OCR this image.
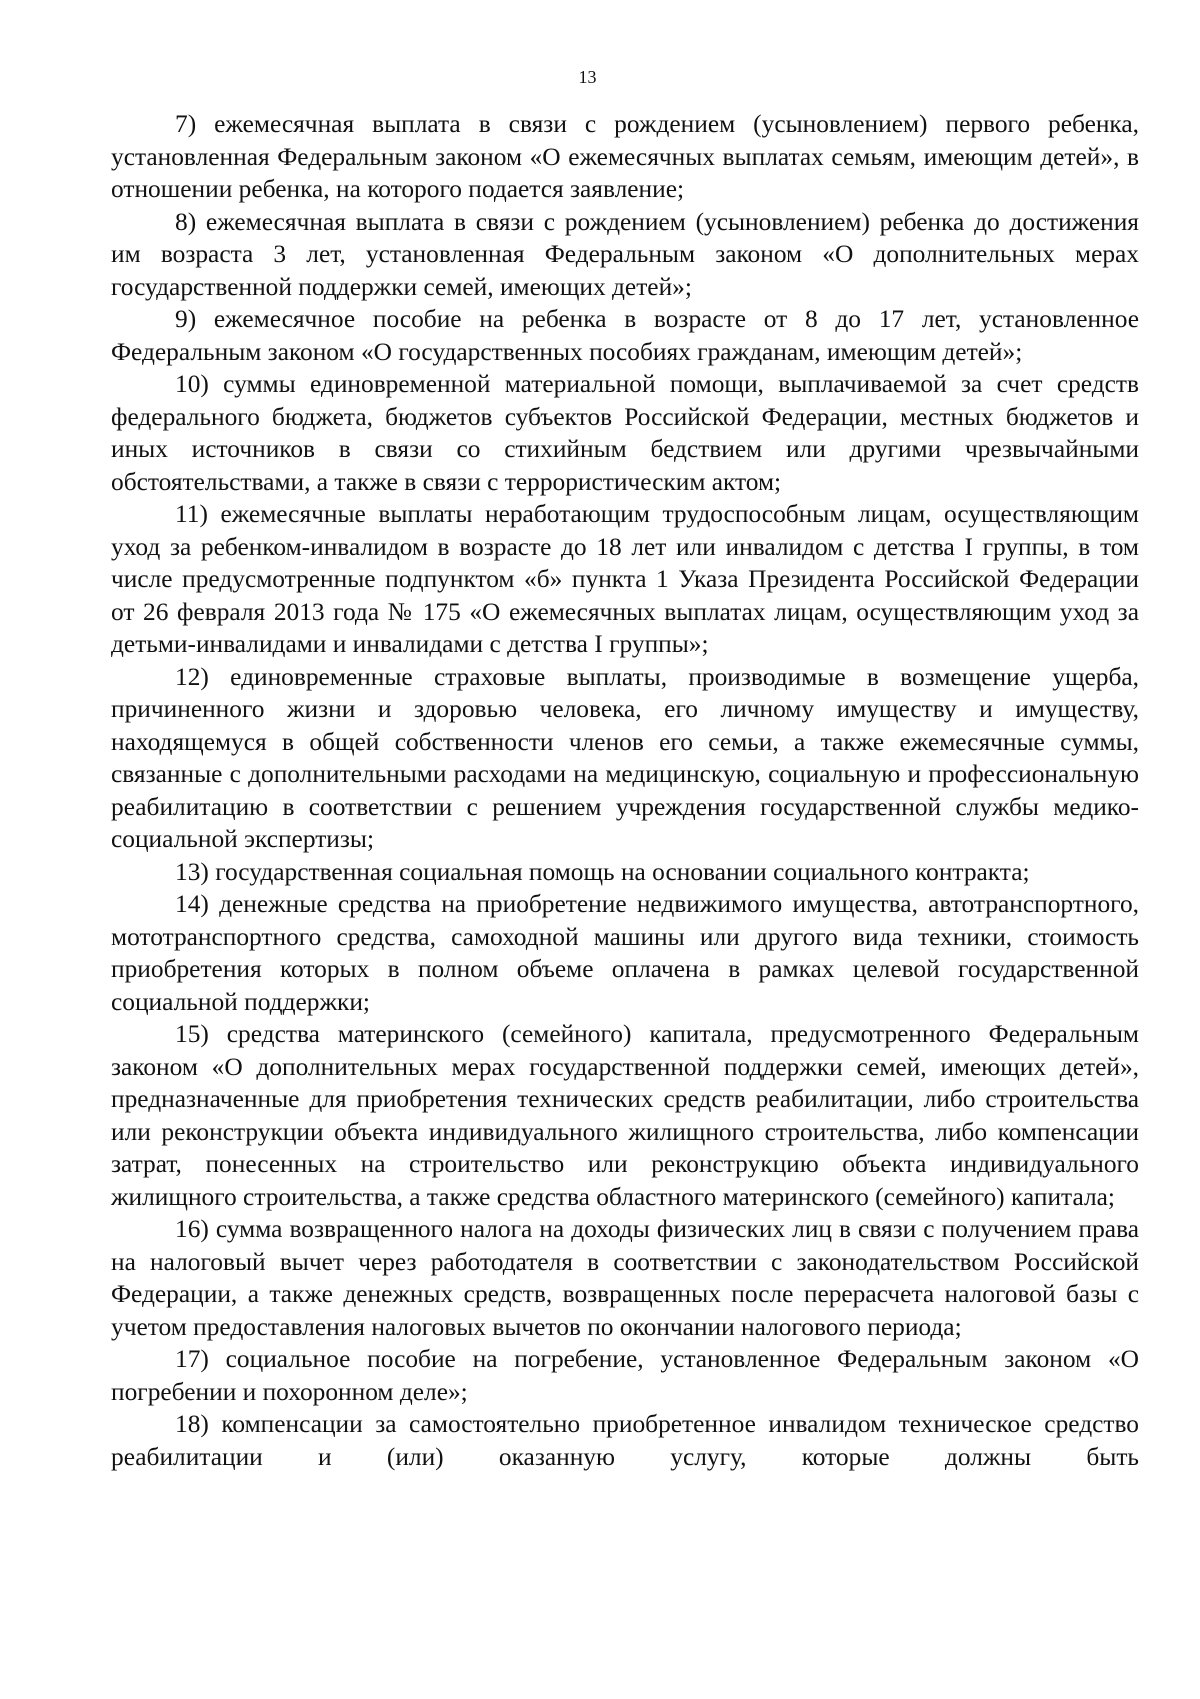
13

7) ежемесячная выплата в связи с рождением (усыновлением) первого ребенка, установленная Федеральным законом «О ежемесячных выплатах семьям, имеющим детей», в отношении ребенка, на которого подается заявление;

8) ежемесячная выплата в связи с рождением (усыновлением) ребенка до достижения им возраста 3 лет, установленная Федеральным законом «О дополнительных мерах государственной поддержки семей, имеющих детей»;

9) ежемесячное пособие на ребенка в возрасте от 8 до 17 лет, установленное Федеральным законом «О государственных пособиях гражданам, имеющим детей»;

10) суммы единовременной материальной помощи, выплачиваемой за счет средств федерального бюджета, бюджетов субъектов Российской Федерации, местных бюджетов и иных источников в связи со стихийным бедствием или другими чрезвычайными обстоятельствами, а также в связи с террористическим актом;

11) ежемесячные выплаты неработающим трудоспособным лицам, осуществляющим уход за ребенком-инвалидом в возрасте до 18 лет или инвалидом с детства I группы, в том числе предусмотренные подпунктом «б» пункта 1 Указа Президента Российской Федерации от 26 февраля 2013 года № 175 «О ежемесячных выплатах лицам, осуществляющим уход за детьми-инвалидами и инвалидами с детства I группы»;

12) единовременные страховые выплаты, производимые в возмещение ущерба, причиненного жизни и здоровью человека, его личному имуществу и имуществу, находящемуся в общей собственности членов его семьи, а также ежемесячные суммы, связанные с дополнительными расходами на медицинскую, социальную и профессиональную реабилитацию в соответствии с решением учреждения государственной службы медико-социальной экспертизы;

13) государственная социальная помощь на основании социального контракта;

14) денежные средства на приобретение недвижимого имущества, автотранспортного, мототранспортного средства, самоходной машины или другого вида техники, стоимость приобретения которых в полном объеме оплачена в рамках целевой государственной социальной поддержки;

15) средства материнского (семейного) капитала, предусмотренного Федеральным законом «О дополнительных мерах государственной поддержки семей, имеющих детей», предназначенные для приобретения технических средств реабилитации, либо строительства или реконструкции объекта индивидуального жилищного строительства, либо компенсации затрат, понесенных на строительство или реконструкцию объекта индивидуального жилищного строительства, а также средства областного материнского (семейного) капитала;

16) сумма возвращенного налога на доходы физических лиц в связи с получением права на налоговый вычет через работодателя в соответствии с законодательством Российской Федерации, а также денежных средств, возвращенных после перерасчета налоговой базы с учетом предоставления налоговых вычетов по окончании налогового периода;

17) социальное пособие на погребение, установленное Федеральным законом «О погребении и похоронном деле»;

18) компенсации за самостоятельно приобретенное инвалидом техническое средство реабилитации и (или) оказанную услугу, которые должны быть
